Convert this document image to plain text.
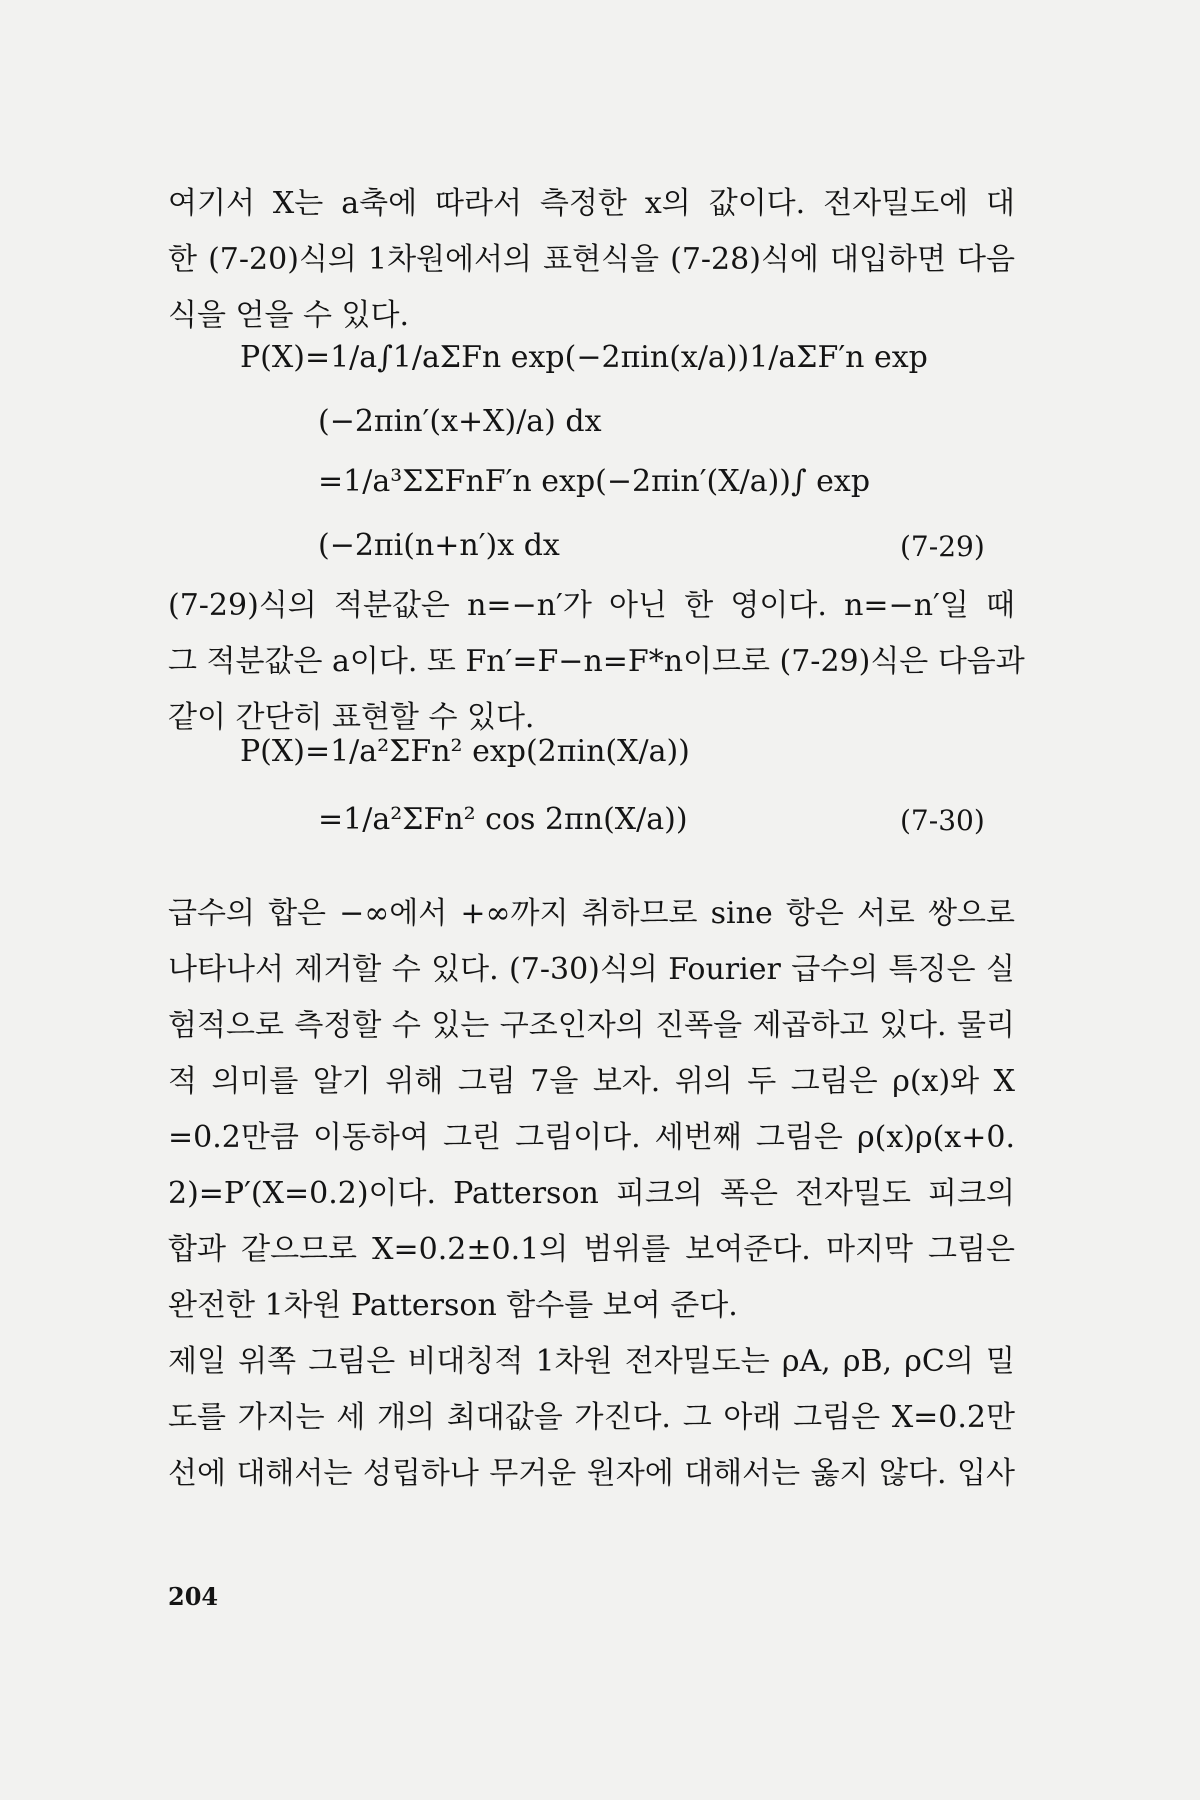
여기서 X는 a축에 따라서 측정한 x의 값이다. 전자밀도에 대
한 (7-20)식의 1차원에서의 표현식을 (7-28)식에 대입하면 다음
식을 얻을 수 있다.
P(X)=1/a∫1/aΣFn exp(−2πin(x/a))1/aΣF′n exp
(−2πin′(x+X)/a) dx
=1/a³ΣΣFnF′n exp(−2πin′(X/a))∫ exp
(−2πi(n+n′)x dx	(7-29)
(7-29)식의 적분값은 n=−n′가 아닌 한 영이다. n=−n′일 때
그 적분값은 a이다. 또 Fn′=F−n=F*n이므로 (7-29)식은 다음과
같이 간단히 표현할 수 있다.
P(X)=1/a²ΣFn² exp(2πin(X/a))
=1/a²ΣFn² cos 2πn(X/a))	(7-30)
급수의 합은 −∞에서 +∞까지 취하므로 sine 항은 서로 쌍으로
나타나서 제거할 수 있다. (7-30)식의 Fourier 급수의 특징은 실
험적으로 측정할 수 있는 구조인자의 진폭을 제곱하고 있다. 물리
적 의미를 알기 위해 그림 7을 보자. 위의 두 그림은 ρ(x)와 X
=0.2만큼 이동하여 그린 그림이다. 세번째 그림은 ρ(x)ρ(x+0.
2)=P′(X=0.2)이다. Patterson 피크의 폭은 전자밀도 피크의
합과 같으므로 X=0.2±0.1의 범위를 보여준다. 마지막 그림은
완전한 1차원 Patterson 함수를 보여 준다.
제일 위쪽 그림은 비대칭적 1차원 전자밀도는 ρA, ρB, ρC의 밀
도를 가지는 세 개의 최대값을 가진다. 그 아래 그림은 X=0.2만
선에 대해서는 성립하나 무거운 원자에 대해서는 옳지 않다. 입사
204
